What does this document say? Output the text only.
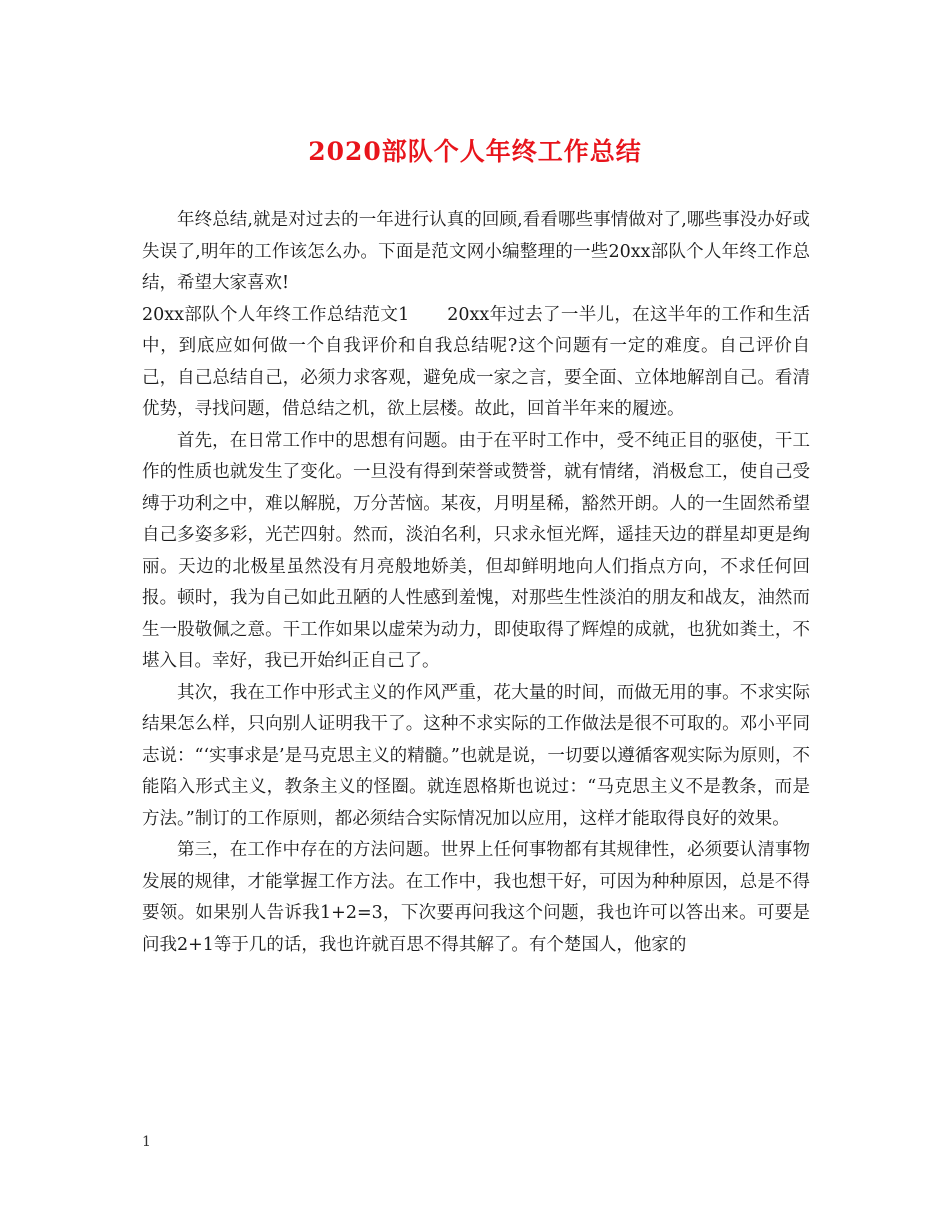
2020部队个人年终工作总结

年终总结,就是对过去的一年进行认真的回顾,看看哪些事情做对了,哪些事没办好或失误了,明年的工作该怎么办。下面是范文网小编整理的一些20xx部队个人年终工作总结，希望大家喜欢!

20xx部队个人年终工作总结范文1 20xx年过去了一半儿，在这半年的工作和生活中，到底应如何做一个自我评价和自我总结呢?这个问题有一定的难度。自己评价自己，自己总结自己，必须力求客观，避免成一家之言，要全面、立体地解剖自己。看清优势，寻找问题，借总结之机，欲上层楼。故此，回首半年来的履迹。

首先，在日常工作中的思想有问题。由于在平时工作中，受不纯正目的驱使，干工作的性质也就发生了变化。一旦没有得到荣誉或赞誉，就有情绪，消极怠工，使自己受缚于功利之中，难以解脱，万分苦恼。某夜，月明星稀，豁然开朗。人的一生固然希望自己多姿多彩，光芒四射。然而，淡泊名利，只求永恒光辉，遥挂天边的群星却更是绚丽。天边的北极星虽然没有月亮般地娇美，但却鲜明地向人们指点方向，不求任何回报。顿时，我为自己如此丑陋的人性感到羞愧，对那些生性淡泊的朋友和战友，油然而生一股敬佩之意。干工作如果以虚荣为动力，即使取得了辉煌的成就，也犹如粪土，不堪入目。幸好，我已开始纠正自己了。

其次，我在工作中形式主义的作风严重，花大量的时间，而做无用的事。不求实际结果怎么样，只向别人证明我干了。这种不求实际的工作做法是很不可取的。邓小平同志说：“‘实事求是’是马克思主义的精髓。”也就是说，一切要以遵循客观实际为原则，不能陷入形式主义，教条主义的怪圈。就连恩格斯也说过：“马克思主义不是教条，而是方法。”制订的工作原则，都必须结合实际情况加以应用，这样才能取得良好的效果。

第三，在工作中存在的方法问题。世界上任何事物都有其规律性，必须要认清事物发展的规律，才能掌握工作方法。在工作中，我也想干好，可因为种种原因，总是不得要领。如果别人告诉我1+2=3，下次要再问我这个问题，我也许可以答出来。可要是问我2+1等于几的话，我也许就百思不得其解了。有个楚国人，他家的

1
